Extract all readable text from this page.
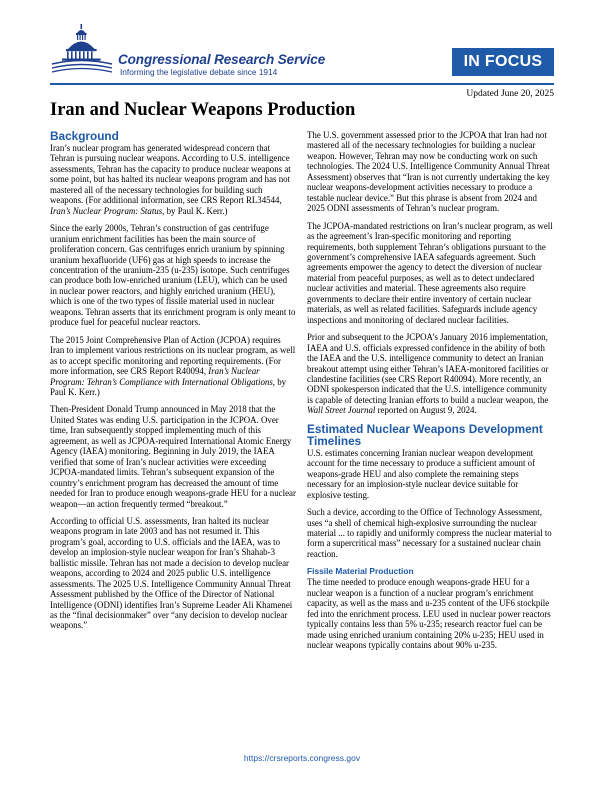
Congressional Research Service
Informing the legislative debate since 1914
IN FOCUS
Updated June 20, 2025
Iran and Nuclear Weapons Production
Background

Iran’s nuclear program has generated widespread concern that Tehran is pursuing nuclear weapons. According to U.S. intelligence assessments, Tehran has the capacity to produce nuclear weapons at some point, but has halted its nuclear weapons program and has not mastered all of the necessary technologies for building such weapons. (For additional information, see CRS Report RL34544, Iran’s Nuclear Program: Status, by Paul K. Kerr.)

Since the early 2000s, Tehran’s construction of gas centrifuge uranium enrichment facilities has been the main source of proliferation concern. Gas centrifuges enrich uranium by spinning uranium hexafluoride (UF6) gas at high speeds to increase the concentration of the uranium-235 (u-235) isotope. Such centrifuges can produce both low-enriched uranium (LEU), which can be used in nuclear power reactors, and highly enriched uranium (HEU), which is one of the two types of fissile material used in nuclear weapons. Tehran asserts that its enrichment program is only meant to produce fuel for peaceful nuclear reactors.

The 2015 Joint Comprehensive Plan of Action (JCPOA) requires Iran to implement various restrictions on its nuclear program, as well as to accept specific monitoring and reporting requirements. (For more information, see CRS Report R40094, Iran’s Nuclear Program: Tehran’s Compliance with International Obligations, by Paul K. Kerr.)

Then-President Donald Trump announced in May 2018 that the United States was ending U.S. participation in the JCPOA. Over time, Iran subsequently stopped implementing much of this agreement, as well as JCPOA-required International Atomic Energy Agency (IAEA) monitoring. Beginning in July 2019, the IAEA verified that some of Iran’s nuclear activities were exceeding JCPOA-mandated limits. Tehran’s subsequent expansion of the country’s enrichment program has decreased the amount of time needed for Iran to produce enough weapons-grade HEU for a nuclear weapon—an action frequently termed “breakout.”

According to official U.S. assessments, Iran halted its nuclear weapons program in late 2003 and has not resumed it. This program’s goal, according to U.S. officials and the IAEA, was to develop an implosion-style nuclear weapon for Iran’s Shahab-3 ballistic missile. Tehran has not made a decision to develop nuclear weapons, according to 2024 and 2025 public U.S. intelligence assessments. The 2025 U.S. Intelligence Community Annual Threat Assessment published by the Office of the Director of National Intelligence (ODNI) identifies Iran’s Supreme Leader Ali Khamenei as the “final decisionmaker” over “any decision to develop nuclear weapons.”

The U.S. government assessed prior to the JCPOA that Iran had not mastered all of the necessary technologies for building a nuclear weapon. However, Tehran may now be conducting work on such technologies. The 2024 U.S. Intelligence Community Annual Threat Assessment) observes that “Iran is not currently undertaking the key nuclear weapons-development activities necessary to produce a testable nuclear device.” But this phrase is absent from 2024 and 2025 ODNI assessments of Tehran’s nuclear program.

The JCPOA-mandated restrictions on Iran’s nuclear program, as well as the agreement’s Iran-specific monitoring and reporting requirements, both supplement Tehran’s obligations pursuant to the government’s comprehensive IAEA safeguards agreement. Such agreements empower the agency to detect the diversion of nuclear material from peaceful purposes, as well as to detect undeclared nuclear activities and material. These agreements also require governments to declare their entire inventory of certain nuclear materials, as well as related facilities. Safeguards include agency inspections and monitoring of declared nuclear facilities.

Prior and subsequent to the JCPOA’s January 2016 implementation, IAEA and U.S. officials expressed confidence in the ability of both the IAEA and the U.S. intelligence community to detect an Iranian breakout attempt using either Tehran’s IAEA-monitored facilities or clandestine facilities (see CRS Report R40094). More recently, an ODNI spokesperson indicated that the U.S. intelligence community is capable of detecting Iranian efforts to build a nuclear weapon, the Wall Street Journal reported on August 9, 2024.

Estimated Nuclear Weapons Development Timelines

U.S. estimates concerning Iranian nuclear weapon development account for the time necessary to produce a sufficient amount of weapons-grade HEU and also complete the remaining steps necessary for an implosion-style nuclear device suitable for explosive testing.

Such a device, according to the Office of Technology Assessment, uses “a shell of chemical high-explosive surrounding the nuclear material ... to rapidly and uniformly compress the nuclear material to form a supercritical mass” necessary for a sustained nuclear chain reaction.

Fissile Material Production

The time needed to produce enough weapons-grade HEU for a nuclear weapon is a function of a nuclear program’s enrichment capacity, as well as the mass and u-235 content of the UF6 stockpile fed into the enrichment process. LEU used in nuclear power reactors typically contains less than 5% u-235; research reactor fuel can be made using enriched uranium containing 20% u-235; HEU used in nuclear weapons typically contains about 90% u-235.

https://crsreports.congress.gov
